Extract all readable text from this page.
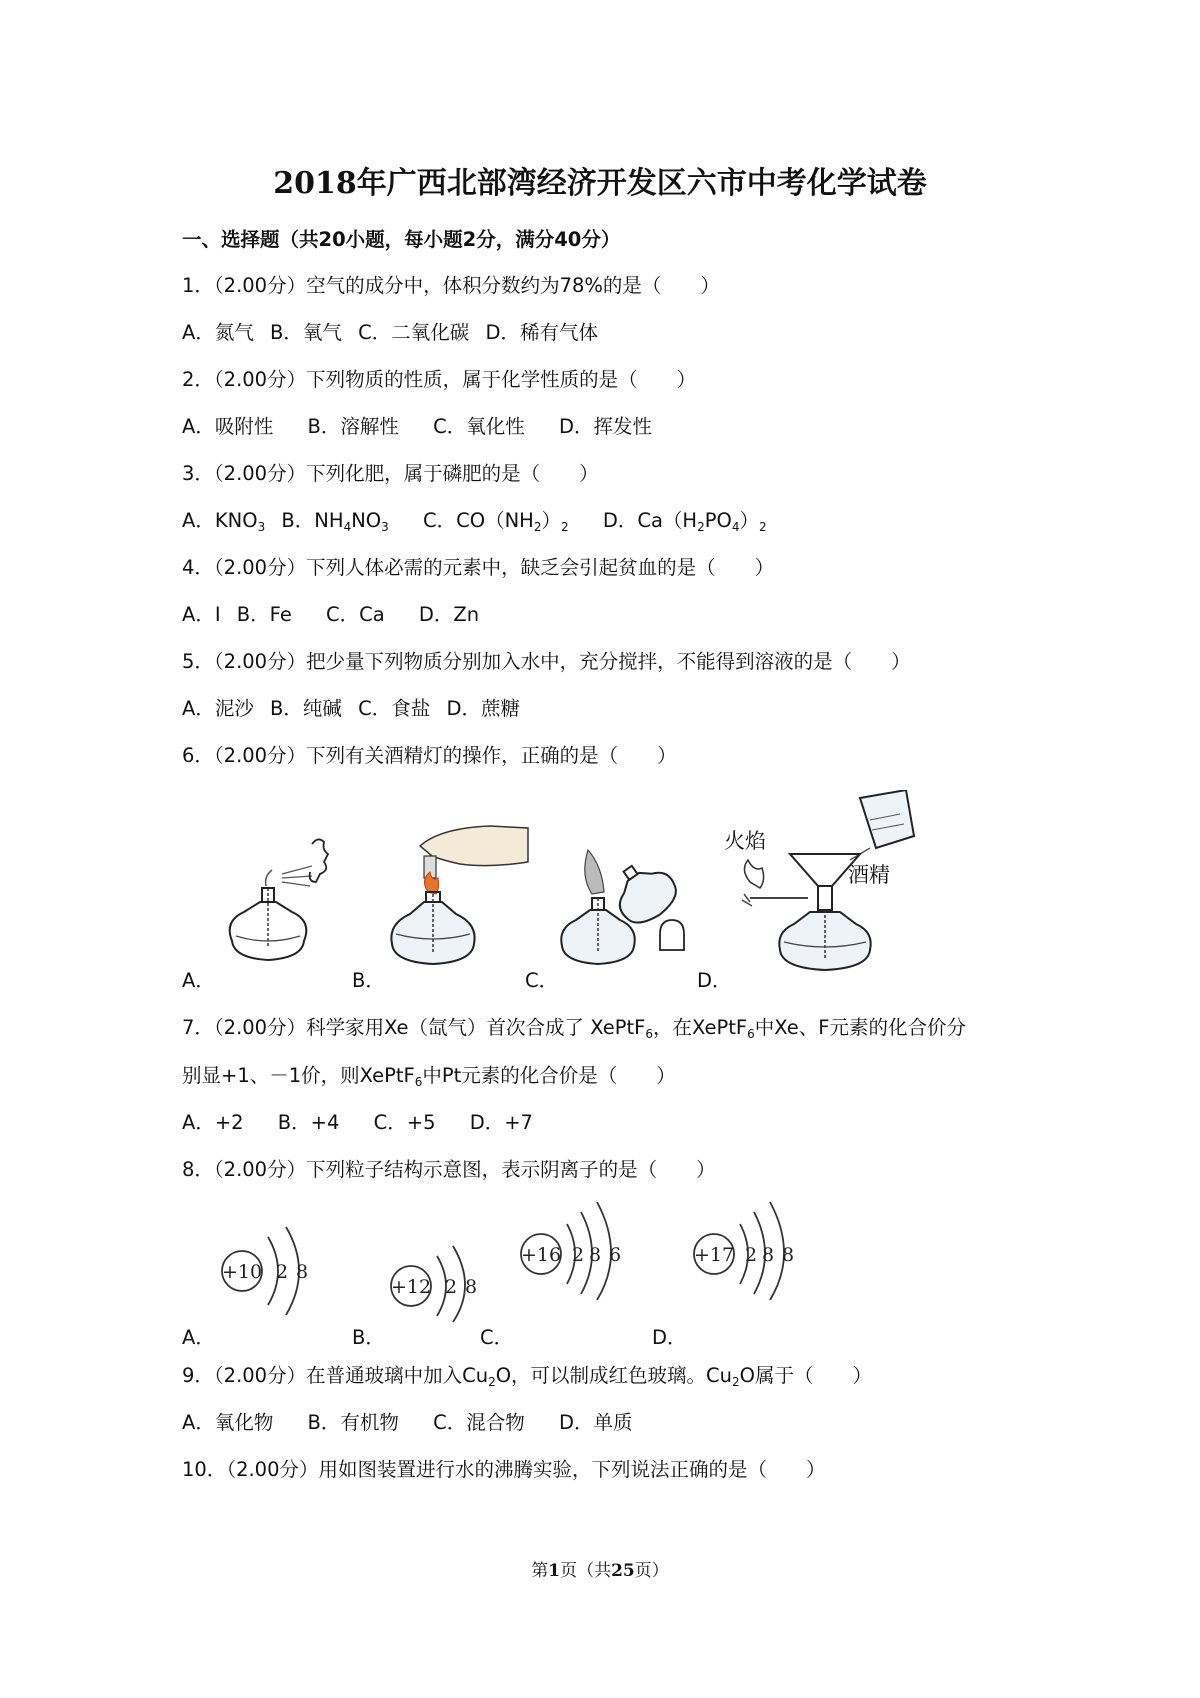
2018年广西北部湾经济开发区六市中考化学试卷
一、选择题（共20小题，每小题2分，满分40分）
1．（2.00分）空气的成分中，体积分数约为78%的是（　　）
A．氮气 B．氧气 C．二氧化碳 D．稀有气体
2．（2.00分）下列物质的性质，属于化学性质的是（　　）
A．吸附性 B．溶解性 C．氧化性 D．挥发性
3．（2.00分）下列化肥，属于磷肥的是（　　）
A．$KNO_3$ B．$NH_4NO_3$ C．$CO(NH_2)_2$ D．$Ca(H_2PO_4)_2$
4．（2.00分）下列人体必需的元素中，缺乏会引起贫血的是（　　）
A．I B．Fe C．Ca D．Zn
5．（2.00分）把少量下列物质分别加入水中，充分搅拌，不能得到溶液的是（　　）
A．泥沙 B．纯碱 C．食盐 D．蔗糖
6．（2.00分）下列有关酒精灯的操作，正确的是（　　）
A．	B．	C．
火焰
酒精
D．
7．（2.00分）科学家用Xe（氙气）首次合成了 XePtF$_6$，在XePtF$_6$中Xe、F元素的化合价分
别显+1、－1价，则XePtF$_6$中Pt元素的化合价是（　　）
A．+2 B．+4 C．+5 D．+7
8．（2.00分）下列粒子结构示意图，表示阴离子的是（　　）
+10 2 8
A．
+12 2 8
B．
+16 2 8 6
C．
+17 2 8 8
D．
9．（2.00分）在普通玻璃中加入$Cu_2O$，可以制成红色玻璃。$Cu_2O$属于（　　）
A．氧化物 B．有机物 C．混合物 D．单质
10．（2.00分）用如图装置进行水的沸腾实验，下列说法正确的是（　　）
第1页（共25页）
